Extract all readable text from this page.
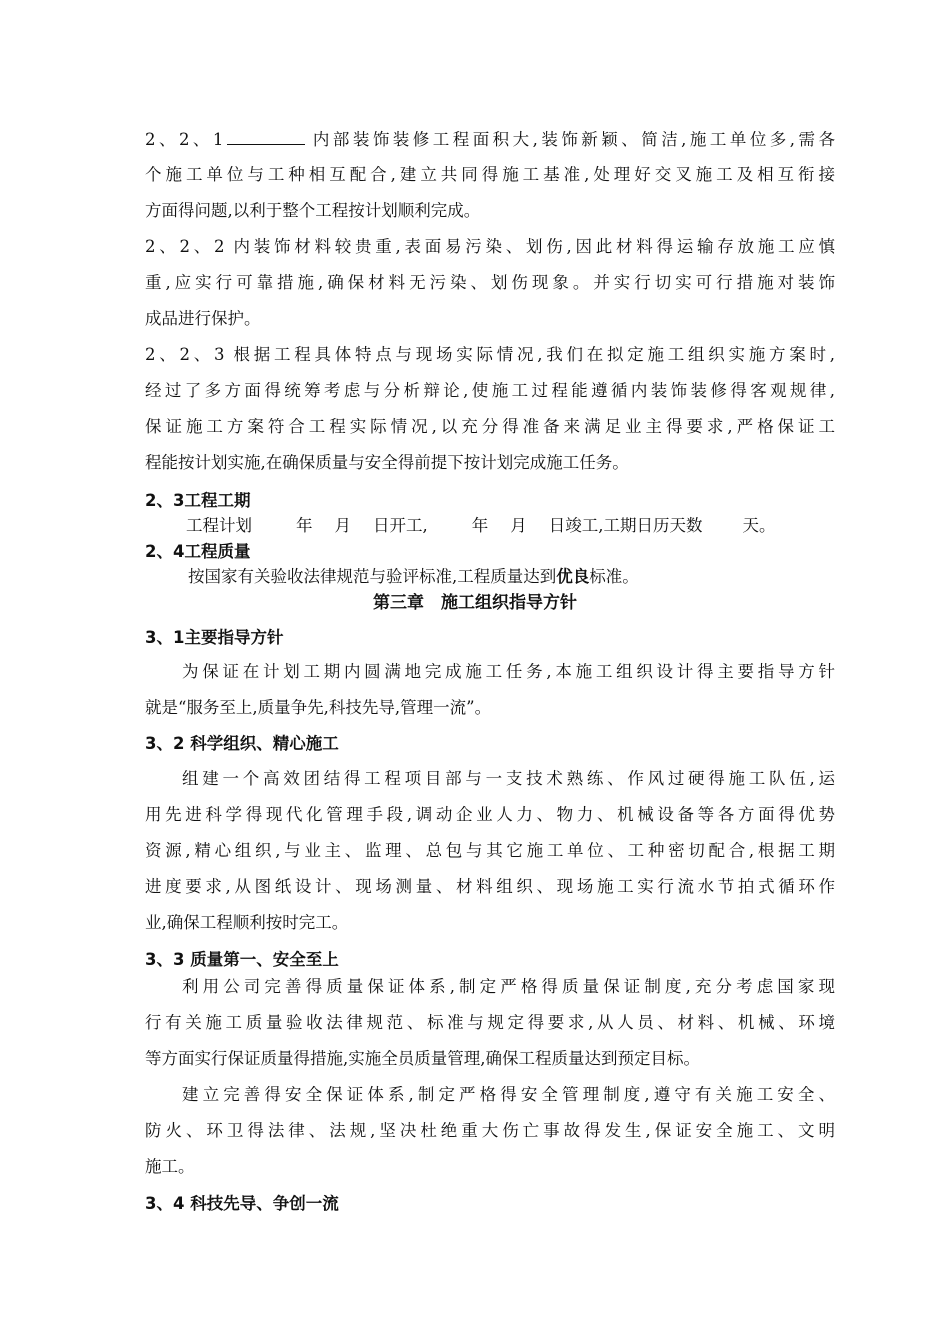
2、2、1	内部装饰装修工程面积大,装饰新颖、简洁,施工单位多,需各
个施工单位与工种相互配合,建立共同得施工基准,处理好交叉施工及相互衔接
方面得问题,以利于整个工程按计划顺利完成。
2、2、2 内装饰材料较贵重,表面易污染、划伤,因此材料得运输存放施工应慎
重,应实行可靠措施,确保材料无污染、划伤现象。并实行切实可行措施对装饰
成品进行保护。
2、2、3 根据工程具体特点与现场实际情况,我们在拟定施工组织实施方案时,
经过了多方面得统筹考虑与分析辩论,使施工过程能遵循内装饰装修得客观规律,
保证施工方案符合工程实际情况,以充分得准备来满足业主得要求,严格保证工
程能按计划实施,在确保质量与安全得前提下按计划完成施工任务。
2、3工程工期
工程计划	年 月 日开工,	年 月 日竣工,工期日历天数 天。
2、4工程质量
按国家有关验收法律规范与验评标准,工程质量达到优良标准。
第三章　施工组织指导方针
3、1主要指导方针
为保证在计划工期内圆满地完成施工任务,本施工组织设计得主要指导方针
就是“服务至上,质量争先,科技先导,管理一流”。
3、2 科学组织、精心施工
组建一个高效团结得工程项目部与一支技术熟练、作风过硬得施工队伍,运
用先进科学得现代化管理手段,调动企业人力、物力、机械设备等各方面得优势
资源,精心组织,与业主、监理、总包与其它施工单位、工种密切配合,根据工期
进度要求,从图纸设计、现场测量、材料组织、现场施工实行流水节拍式循环作
业,确保工程顺利按时完工。
3、3 质量第一、安全至上
利用公司完善得质量保证体系,制定严格得质量保证制度,充分考虑国家现
行有关施工质量验收法律规范、标准与规定得要求,从人员、材料、机械、环境
等方面实行保证质量得措施,实施全员质量管理,确保工程质量达到预定目标。
建立完善得安全保证体系,制定严格得安全管理制度,遵守有关施工安全、
防火、环卫得法律、法规,坚决杜绝重大伤亡事故得发生,保证安全施工、文明
施工。
3、4 科技先导、争创一流
